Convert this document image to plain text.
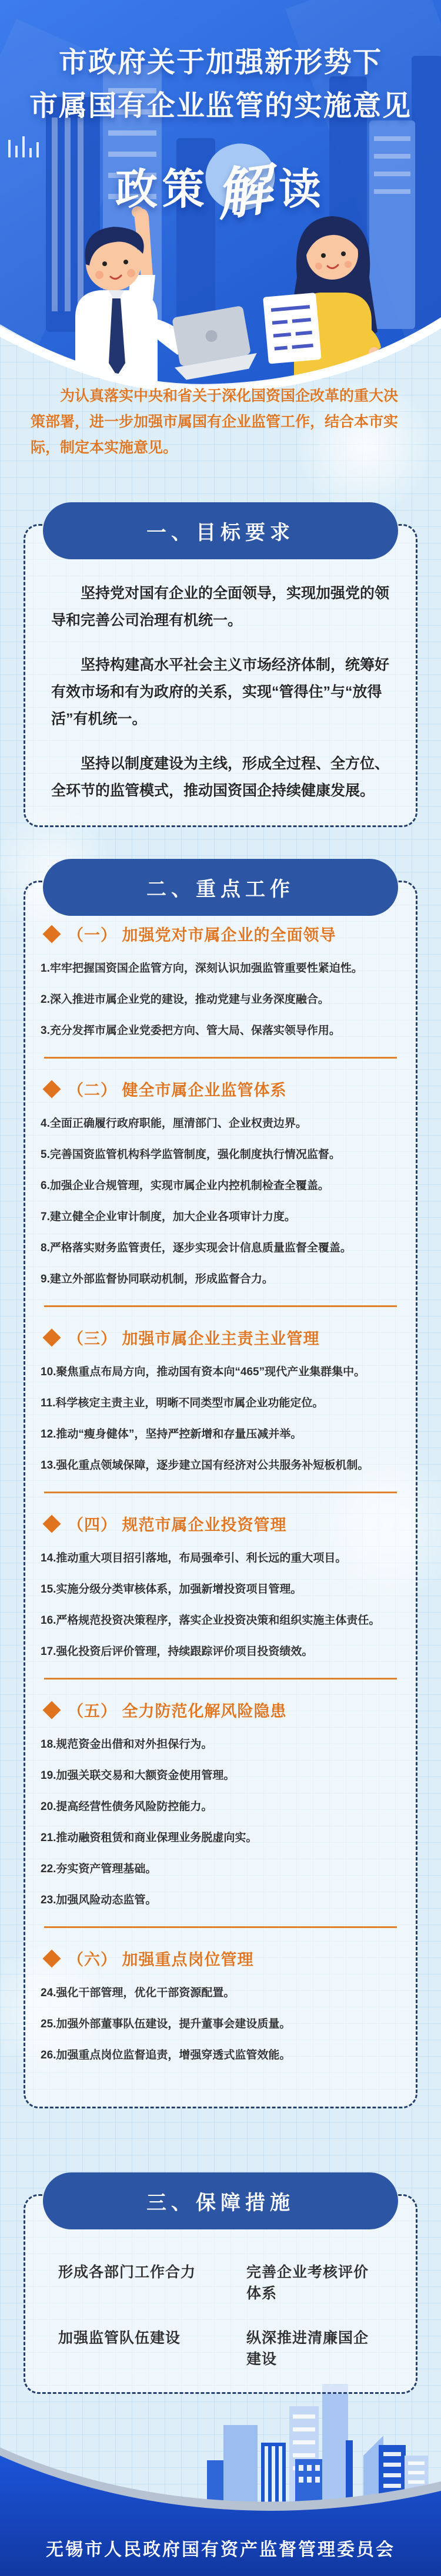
市政府关于加强新形势下
市属国有企业监管的实施意见
政策解读
为认真落实中央和省关于深化国资国企改革的重大决策部署，进一步加强市属国有企业监管工作，结合本市实际，制定本实施意见。
一、目标要求

坚持党对国有企业的全面领导，实现加强党的领导和完善公司治理有机统一。

坚持构建高水平社会主义市场经济体制，统筹好有效市场和有为政府的关系，实现“管得住”与“放得活”有机统一。

坚持以制度建设为主线，形成全过程、全方位、全环节的监管模式，推动国资国企持续健康发展。

二、重点工作
（一） 加强党对市属企业的全面领导

1.牢牢把握国资国企监管方向，深刻认识加强监管重要性紧迫性。

2.深入推进市属企业党的建设，推动党建与业务深度融合。

3.充分发挥市属企业党委把方向、管大局、保落实领导作用。

（二） 健全市属企业监管体系

4.全面正确履行政府职能，厘清部门、企业权责边界。

5.完善国资监管机构科学监管制度，强化制度执行情况监督。

6.加强企业合规管理，实现市属企业内控机制检查全覆盖。

7.建立健全企业审计制度，加大企业各项审计力度。

8.严格落实财务监管责任，逐步实现会计信息质量监督全覆盖。

9.建立外部监督协同联动机制，形成监督合力。

（三） 加强市属企业主责主业管理

10.聚焦重点布局方向，推动国有资本向“465”现代产业集群集中。

11.科学核定主责主业，明晰不同类型市属企业功能定位。

12.推动“瘦身健体”，坚持严控新增和存量压减并举。

13.强化重点领域保障，逐步建立国有经济对公共服务补短板机制。

（四） 规范市属企业投资管理

14.推动重大项目招引落地，布局强牵引、利长远的重大项目。

15.实施分级分类审核体系，加强新增投资项目管理。

16.严格规范投资决策程序，落实企业投资决策和组织实施主体责任。

17.强化投资后评价管理，持续跟踪评价项目投资绩效。

（五） 全力防范化解风险隐患

18.规范资金出借和对外担保行为。

19.加强关联交易和大额资金使用管理。

20.提高经营性债务风险防控能力。

21.推动融资租赁和商业保理业务脱虚向实。

22.夯实资产管理基础。

23.加强风险动态监管。

（六） 加强重点岗位管理

24.强化干部管理，优化干部资源配置。

25.加强外部董事队伍建设，提升董事会建设质量。

26.加强重点岗位监督追责，增强穿透式监管效能。

三、保障措施
形成各部门工作合力	完善企业考核评价体系
加强监管队伍建设	纵深推进清廉国企建设
无锡市人民政府国有资产监督管理委员会
